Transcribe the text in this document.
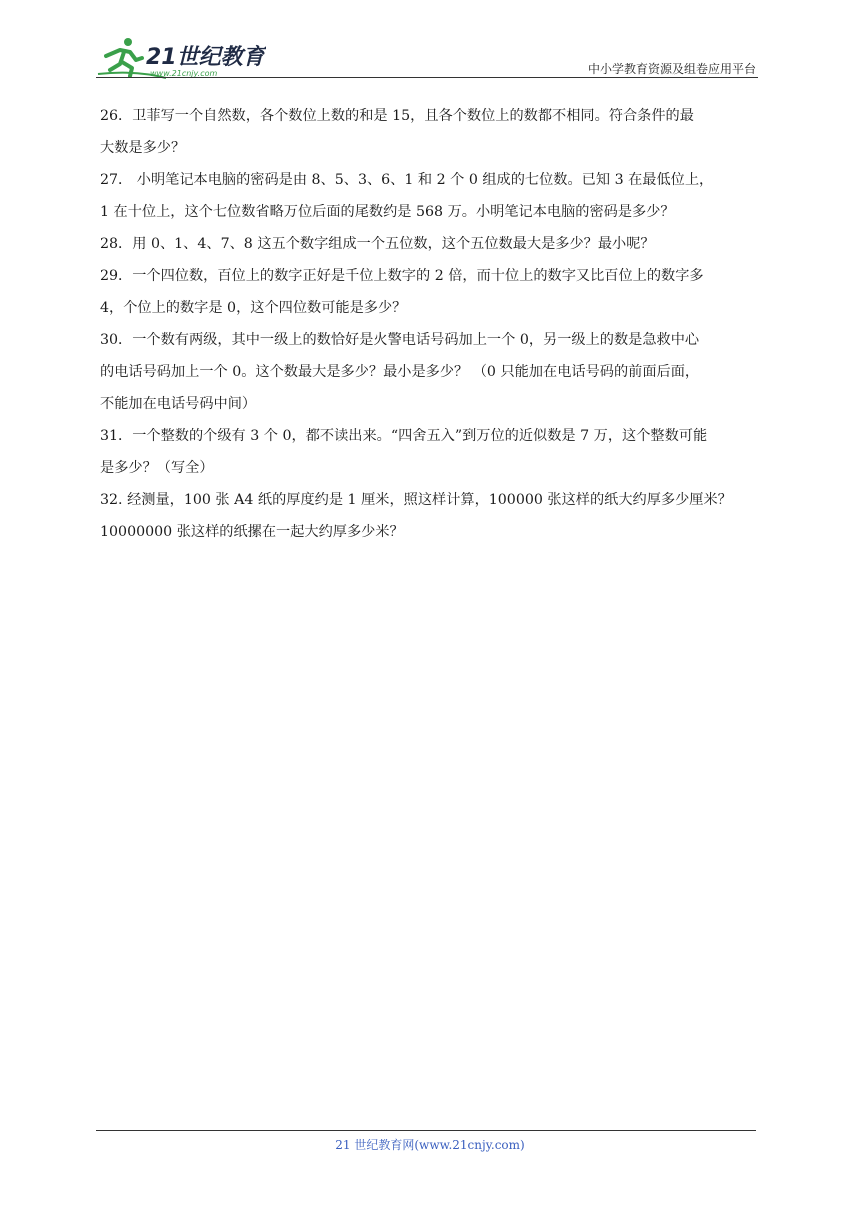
21世纪教育
www.21cnjy.com	中小学教育资源及组卷应用平台

26．卫菲写一个自然数，各个数位上数的和是 15，且各个数位上的数都不相同。符合条件的最

大数是多少？

27． 小明笔记本电脑的密码是由 8、5、3、6、1 和 2 个 0 组成的七位数。已知 3 在最低位上，

1 在十位上，这个七位数省略万位后面的尾数约是 568 万。小明笔记本电脑的密码是多少？

28．用 0、1、4、7、8 这五个数字组成一个五位数，这个五位数最大是多少？最小呢？

29．一个四位数，百位上的数字正好是千位上数字的 2 倍，而十位上的数字又比百位上的数字多

4，个位上的数字是 0，这个四位数可能是多少？

30．一个数有两级，其中一级上的数恰好是火警电话号码加上一个 0，另一级上的数是急救中心

的电话号码加上一个 0。这个数最大是多少？最小是多少？ （0 只能加在电话号码的前面后面，

不能加在电话号码中间）

31．一个整数的个级有 3 个 0，都不读出来。“四舍五入”到万位的近似数是 7 万，这个整数可能

是多少？（写全）

32. 经测量，100 张 A4 纸的厚度约是 1 厘米，照这样计算，100000 张这样的纸大约厚多少厘米？

10000000 张这样的纸摞在一起大约厚多少米？

21 世纪教育网(www.21cnjy.com)
